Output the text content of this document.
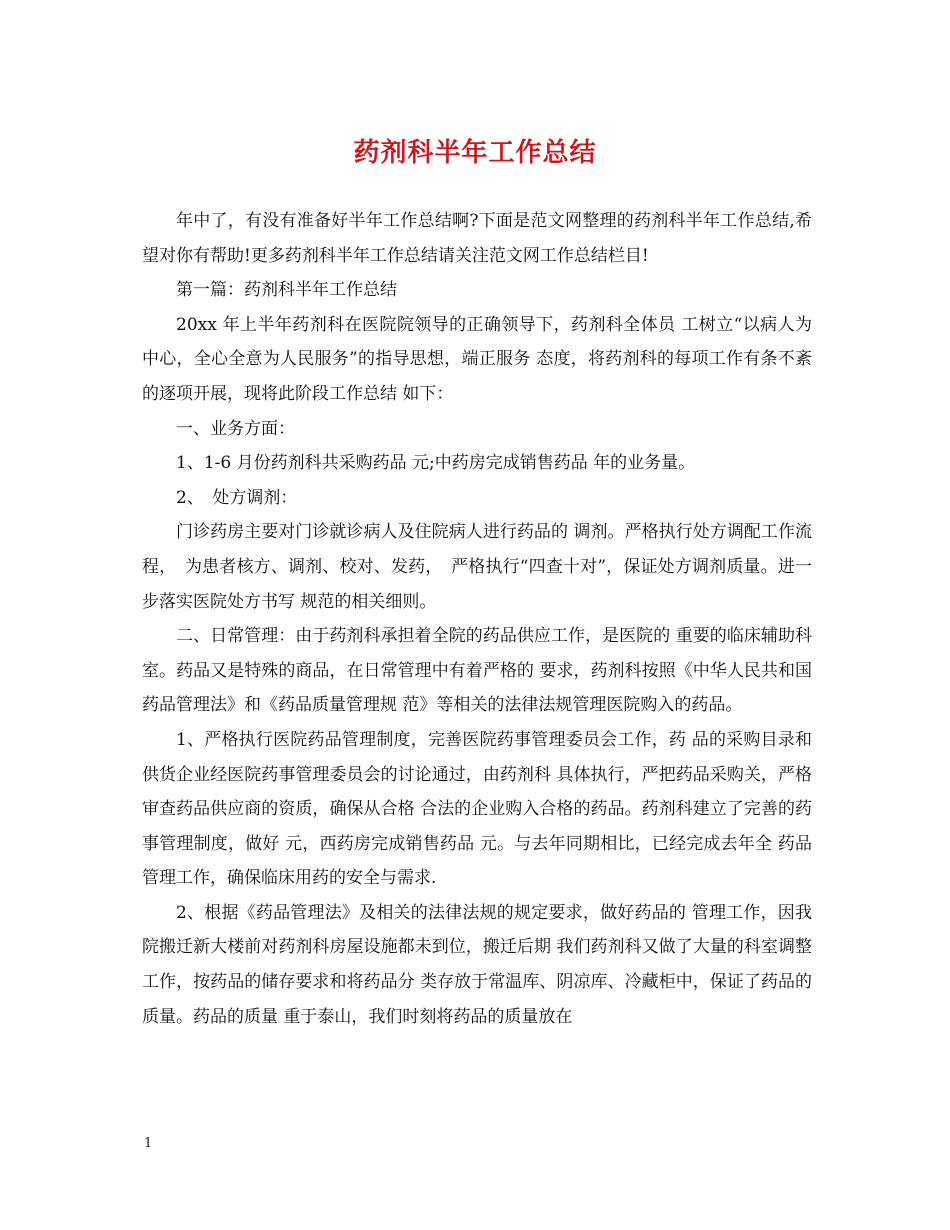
药剂科半年工作总结

年中了，有没有准备好半年工作总结啊?下面是范文网整理的药剂科半年工作总结,希望对你有帮助!更多药剂科半年工作总结请关注范文网工作总结栏目!

第一篇：药剂科半年工作总结

20xx 年上半年药剂科在医院院领导的正确领导下，药剂科全体员 工树立“以病人为中心，全心全意为人民服务”的指导思想，端正服务 态度，将药剂科的每项工作有条不紊的逐项开展，现将此阶段工作总结 如下：

一、业务方面：

1、1-6 月份药剂科共采购药品 元;中药房完成销售药品 年的业务量。

2、　处方调剂：

门诊药房主要对门诊就诊病人及住院病人进行药品的 调剂。严格执行处方调配工作流程，　为患者核方、调剂、校对、发药，　严格执行“四查十对”，保证处方调剂质量。进一步落实医院处方书写 规范的相关细则。

二、日常管理：由于药剂科承担着全院的药品供应工作，是医院的 重要的临床辅助科室。药品又是特殊的商品，在日常管理中有着严格的 要求，药剂科按照《中华人民共和国药品管理法》和《药品质量管理规 范》等相关的法律法规管理医院购入的药品。

1、严格执行医院药品管理制度，完善医院药事管理委员会工作，药 品的采购目录和供货企业经医院药事管理委员会的讨论通过，由药剂科 具体执行，严把药品采购关，严格审查药品供应商的资质，确保从合格 合法的企业购入合格的药品。药剂科建立了完善的药事管理制度，做好 元，西药房完成销售药品 元。与去年同期相比，已经完成去年全 药品管理工作，确保临床用药的安全与需求.

2、根据《药品管理法》及相关的法律法规的规定要求，做好药品的 管理工作，因我院搬迁新大楼前对药剂科房屋设施都未到位，搬迁后期 我们药剂科又做了大量的科室调整工作，按药品的储存要求和将药品分 类存放于常温库、阴凉库、冷藏柜中，保证了药品的质量。药品的质量 重于泰山，我们时刻将药品的质量放在

1
